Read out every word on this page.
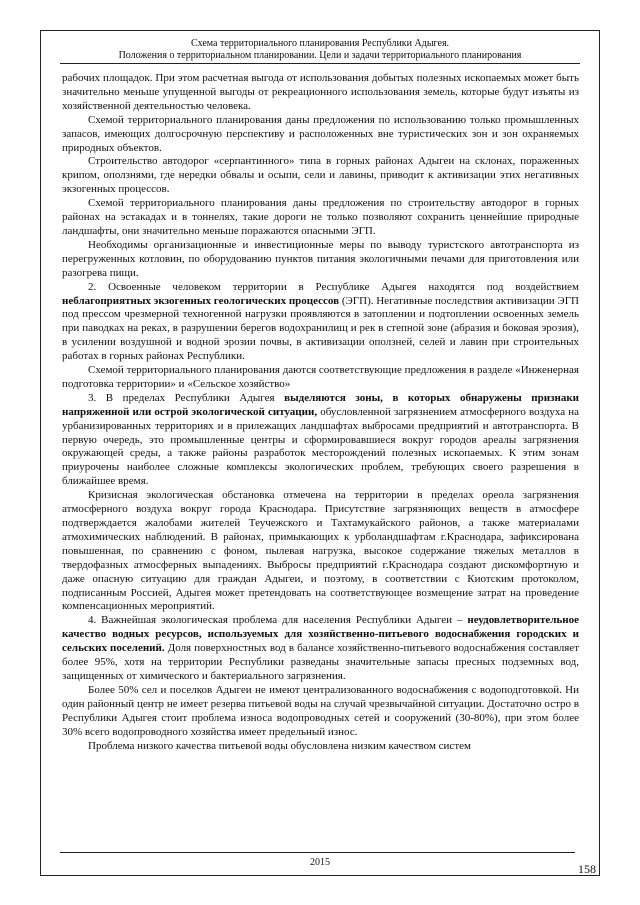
Схема территориального планирования Республики Адыгея.
Положения о территориальном планировании. Цели и задачи территориального планирования

рабочих площадок. При этом расчетная выгода от использования добытых полезных ископаемых может быть значительно меньше упущенной выгоды от рекреационного использования земель, которые будут изъяты из хозяйственной деятельностью человека.

Схемой территориального планирования даны предложения по использованию только промышленных запасов, имеющих долгосрочную перспективу и расположенных вне туристических зон и зон охраняемых природных объектов.

Строительство автодорог «серпантинного» типа в горных районах Адыгеи на склонах, пораженных крипом, оползнями, где нередки обвалы и осыпи, сели и лавины, приводит к активизации этих негативных экзогенных процессов.

Схемой территориального планирования даны предложения по строительству автодорог в горных районах на эстакадах и в тоннелях, такие дороги не только позволяют сохранить ценнейшие природные ландшафты, они значительно меньше поражаются опасными ЭГП.

Необходимы организационные и инвестиционные меры по выводу туристского автотранспорта из перегруженных котловин, по оборудованию пунктов питания экологичными печами для приготовления или разогрева пищи.

2. Освоенные человеком территории в Республике Адыгея находятся под воздействием неблагоприятных экзогенных геологических процессов (ЭГП). Негативные последствия активизации ЭГП под прессом чрезмерной техногенной нагрузки проявляются в затоплении и подтоплении освоенных земель при паводках на реках, в разрушении берегов водохранилищ и рек в степной зоне (абразия и боковая эрозия), в усилении воздушной и водной эрозии почвы, в активизации оползней, селей и лавин при строительных работах в горных районах Республики.

Схемой территориального планирования даются соответствующие предложения в разделе «Инженерная подготовка территории» и «Сельское хозяйство»

3. В пределах Республики Адыгея выделяются зоны, в которых обнаружены признаки напряженной или острой экологической ситуации, обусловленной загрязнением атмосферного воздуха на урбанизированных территориях и в прилежащих ландшафтах выбросами предприятий и автотранспорта. В первую очередь, это промышленные центры и сформировавшиеся вокруг городов ареалы загрязнения окружающей среды, а также районы разработок месторождений полезных ископаемых. К этим зонам приурочены наиболее сложные комплексы экологических проблем, требующих своего разрешения в ближайшее время.

Кризисная экологическая обстановка отмечена на территории в пределах ореола загрязнения атмосферного воздуха вокруг города Краснодара. Присутствие загрязняющих веществ в атмосфере подтверждается жалобами жителей Теучежского и Тахтамукайского районов, а также материалами атмохимических наблюдений. В районах, примыкающих к урболандшафтам г.Краснодара, зафиксирована повышенная, по сравнению с фоном, пылевая нагрузка, высокое содержание тяжелых металлов в твердофазных атмосферных выпадениях. Выбросы предприятий г.Краснодара создают дискомфортную и даже опасную ситуацию для граждан Адыгеи, и поэтому, в соответствии с Киотским протоколом, подписанным Россией, Адыгея может претендовать на соответствующее возмещение затрат на проведение компенсационных мероприятий.

4. Важнейшая экологическая проблема для населения Республики Адыгеи – неудовлетворительное качество водных ресурсов, используемых для хозяйственно-питьевого водоснабжения городских и сельских поселений. Доля поверхностных вод в балансе хозяйственно-питьевого водоснабжения составляет более 95%, хотя на территории Республики разведаны значительные запасы пресных подземных вод, защищенных от химического и бактериального загрязнения.

Более 50% сел и поселков Адыгеи не имеют централизованного водоснабжения с водоподготовкой. Ни один районный центр не имеет резерва питьевой воды на случай чрезвычайной ситуации. Достаточно остро в Республики Адыгея стоит проблема износа водопроводных сетей и сооружений (30-80%), при этом более 30% всего водопроводного хозяйства имеет предельный износ.

Проблема низкого качества питьевой воды обусловлена низким качеством систем

2015	158
